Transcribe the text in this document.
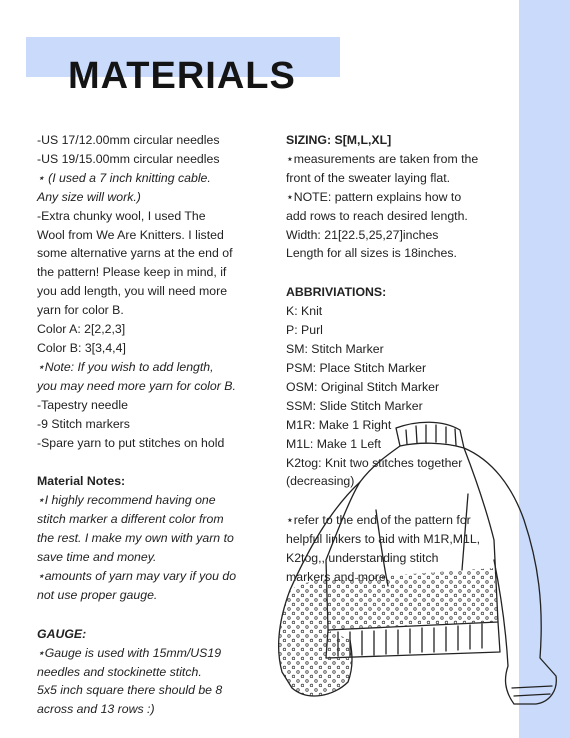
MATERIALS
-US 17/12.00mm circular needles
-US 19/15.00mm circular needles
⋆ (I used a 7 inch knitting cable.
Any size will work.)
-Extra chunky wool, I used The
Wool from We Are Knitters. I listed
some alternative yarns at the end of
the pattern! Please keep in mind, if
you add length, you will need more
yarn for color B.
Color A: 2[2,2,3]
Color B: 3[3,4,4]
⋆Note: If you wish to add length,
you may need more yarn for color B.
-Tapestry needle
-9 Stitch markers
-Spare yarn to put stitches on hold
Material Notes:
⋆I highly recommend having one
stitch marker a different color from
the rest. I make my own with yarn to
save time and money.
⋆amounts of yarn may vary if you do
not use proper gauge.
GAUGE:
⋆Gauge is used with 15mm/US19
needles and stockinette stitch.
5x5 inch square there should be 8
across and 13 rows :)
SIZING: S[M,L,XL]
⋆measurements are taken from the
front of the sweater laying flat.
⋆NOTE: pattern explains how to
add rows to reach desired length.
Width: 21[22.5,25,27]inches
Length for all sizes is 18inches.
ABBRIVIATIONS:
K: Knit
P: Purl
SM: Stitch Marker
PSM: Place Stitch Marker
OSM: Original Stitch Marker
SSM: Slide Stitch Marker
M1R: Make 1 Right
M1L: Make 1 Left
K2tog: Knit two stitches together
(decreasing)
⋆refer to the end of the pattern for
helpful linkers to aid with M1R,M1L,
K2tog,, understanding stitch
markers and more.
